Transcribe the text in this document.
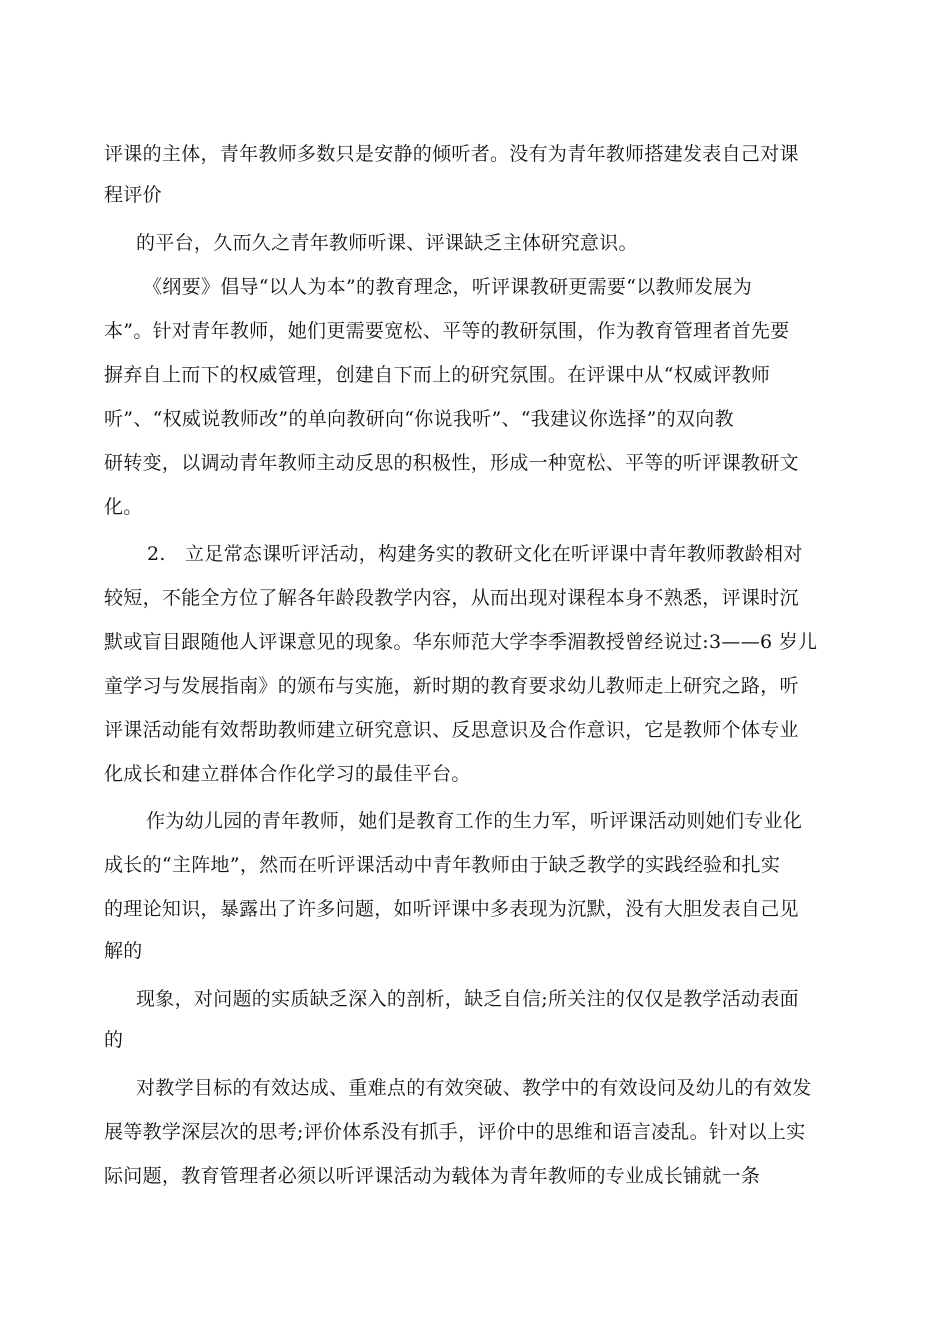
评课的主体，青年教师多数只是安静的倾听者。没有为青年教师搭建发表自己对课
程评价
的平台，久而久之青年教师听课、评课缺乏主体研究意识。
《纲要》倡导“以人为本”的教育理念，听评课教研更需要“以教师发展为
本”。针对青年教师，她们更需要宽松、平等的教研氛围，作为教育管理者首先要
摒弃自上而下的权威管理，创建自下而上的研究氛围。在评课中从“权威评教师
听”、“权威说教师改”的单向教研向“你说我听”、“我建议你选择”的双向教
研转变，以调动青年教师主动反思的积极性，形成一种宽松、平等的听评课教研文
化。
2.　立足常态课听评活动，构建务实的教研文化在听评课中青年教师教龄相对
较短，不能全方位了解各年龄段教学内容，从而出现对课程本身不熟悉，评课时沉
默或盲目跟随他人评课意见的现象。华东师范大学李季湄教授曾经说过:3——6 岁儿
童学习与发展指南》的颁布与实施，新时期的教育要求幼儿教师走上研究之路，听
评课活动能有效帮助教师建立研究意识、反思意识及合作意识，它是教师个体专业
化成长和建立群体合作化学习的最佳平台。
作为幼儿园的青年教师，她们是教育工作的生力军，听评课活动则她们专业化
成长的“主阵地”，然而在听评课活动中青年教师由于缺乏教学的实践经验和扎实
的理论知识，暴露出了许多问题，如听评课中多表现为沉默，没有大胆发表自己见
解的
现象，对问题的实质缺乏深入的剖析，缺乏自信;所关注的仅仅是教学活动表面
的
对教学目标的有效达成、重难点的有效突破、教学中的有效设问及幼儿的有效发
展等教学深层次的思考;评价体系没有抓手，评价中的思维和语言凌乱。针对以上实
际问题，教育管理者必须以听评课活动为载体为青年教师的专业成长铺就一条
